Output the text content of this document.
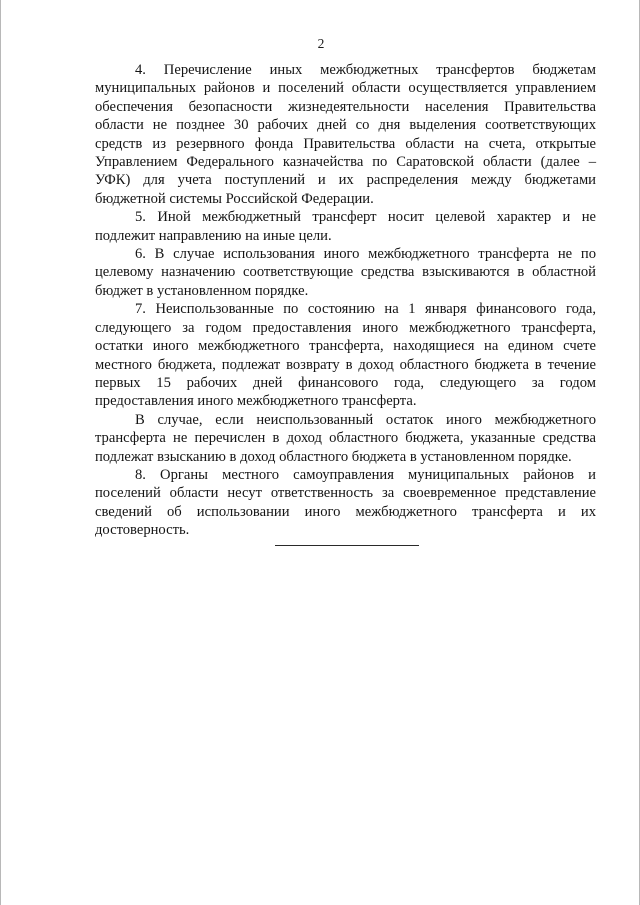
2

4. Перечисление иных межбюджетных трансфертов бюджетам муниципальных районов и поселений области осуществляется управлением обеспечения безопасности жизнедеятельности населения Правительства области не позднее 30 рабочих дней со дня выделения соответствующих средств из резервного фонда Правительства области на счета, открытые Управлением Федерального казначейства по Саратовской области (далее – УФК) для учета поступлений и их распределения между бюджетами бюджетной системы Российской Федерации.

5. Иной межбюджетный трансферт носит целевой характер и не подлежит направлению на иные цели.

6. В случае использования иного межбюджетного трансферта не по целевому назначению соответствующие средства взыскиваются в областной бюджет в установленном порядке.

7. Неиспользованные по состоянию на 1 января финансового года, следующего за годом предоставления иного межбюджетного трансферта, остатки иного межбюджетного трансферта, находящиеся на едином счете местного бюджета, подлежат возврату в доход областного бюджета в течение первых 15 рабочих дней финансового года, следующего за годом предоставления иного межбюджетного трансферта.

В случае, если неиспользованный остаток иного межбюджетного трансферта не перечислен в доход областного бюджета, указанные средства подлежат взысканию в доход областного бюджета в установленном порядке.

8. Органы местного самоуправления муниципальных районов и поселений области несут ответственность за своевременное представление сведений об использовании иного межбюджетного трансферта и их достоверность.
